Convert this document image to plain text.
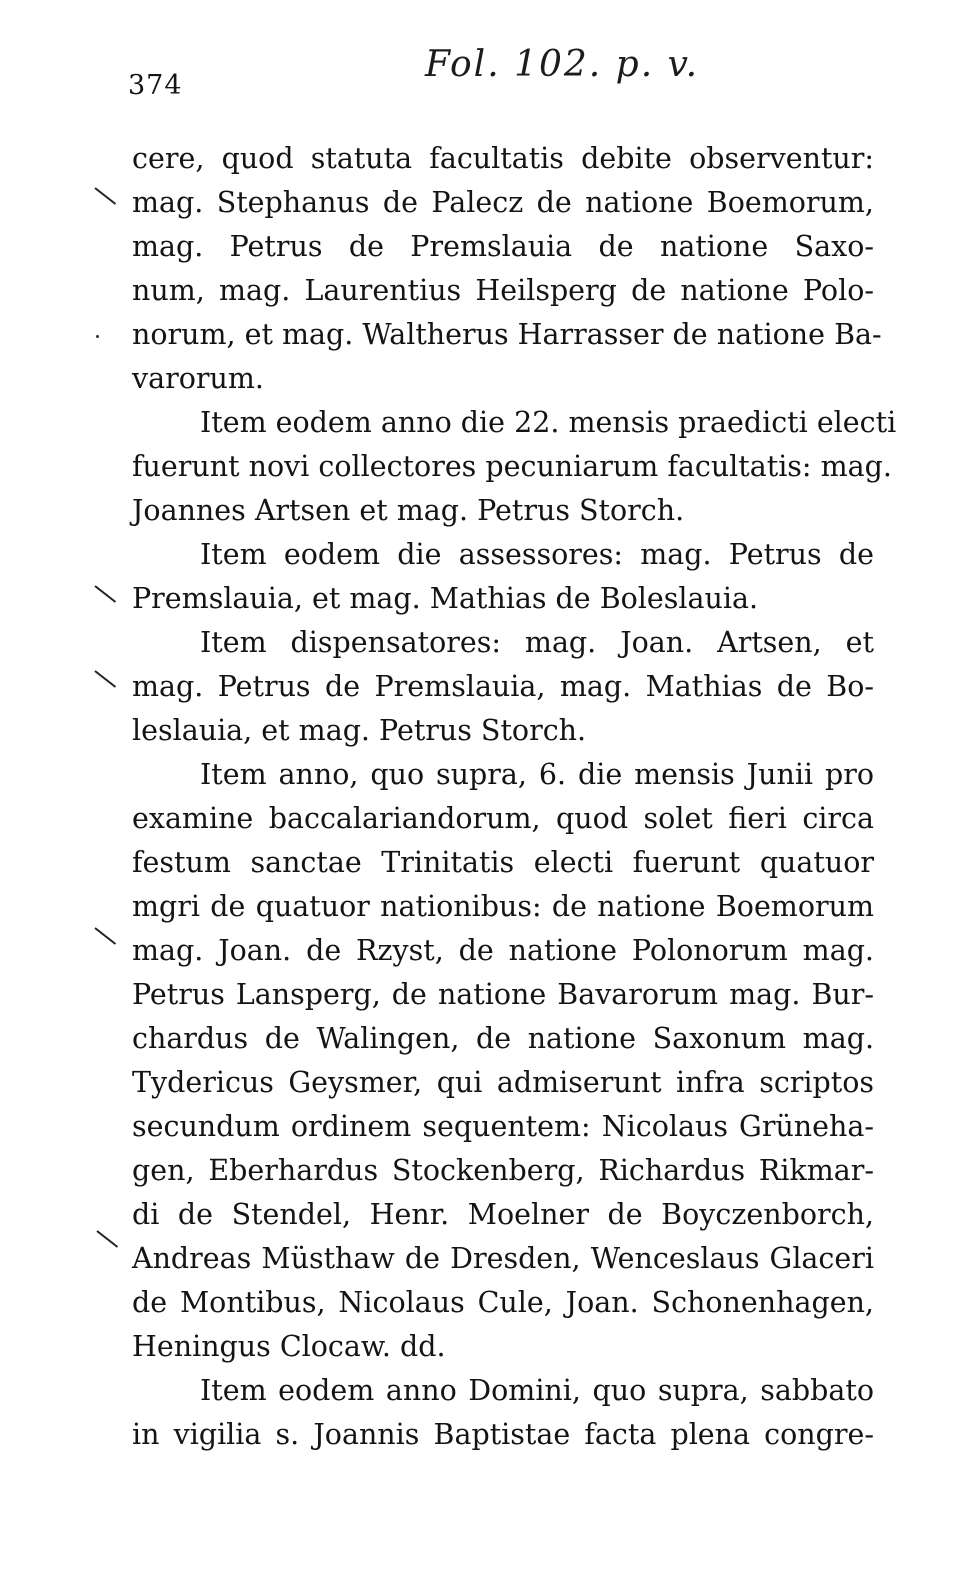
374
Fol. 102. p. v.
cere, quod statuta facultatis debite observentur:
mag. Stephanus de Palecz de natione Boemorum,
mag. Petrus de Premslauia de natione Saxo-
num, mag. Laurentius Heilsperg de natione Polo-
norum, et mag. Waltherus Harrasser de natione Ba-
varorum.
Item eodem anno die 22. mensis praedicti electi
fuerunt novi collectores pecuniarum facultatis: mag.
Joannes Artsen et mag. Petrus Storch.
Item eodem die assessores: mag. Petrus de
Premslauia, et mag. Mathias de Boleslauia.
Item dispensatores: mag. Joan. Artsen, et
mag. Petrus de Premslauia, mag. Mathias de Bo-
leslauia, et mag. Petrus Storch.
Item anno, quo supra, 6. die mensis Junii pro
examine baccalariandorum, quod solet fieri circa
festum sanctae Trinitatis electi fuerunt quatuor
mgri de quatuor nationibus: de natione Boemorum
mag. Joan. de Rzyst, de natione Polonorum mag.
Petrus Lansperg, de natione Bavarorum mag. Bur-
chardus de Walingen, de natione Saxonum mag.
Tydericus Geysmer, qui admiserunt infra scriptos
secundum ordinem sequentem: Nicolaus Grüneha-
gen, Eberhardus Stockenberg, Richardus Rikmar-
di de Stendel, Henr. Moelner de Boyczenborch,
Andreas Müsthaw de Dresden, Wenceslaus Glaceri
de Montibus, Nicolaus Cule, Joan. Schonenhagen,
Heningus Clocaw. dd.
Item eodem anno Domini, quo supra, sabbato
in vigilia s. Joannis Baptistae facta plena congre-
